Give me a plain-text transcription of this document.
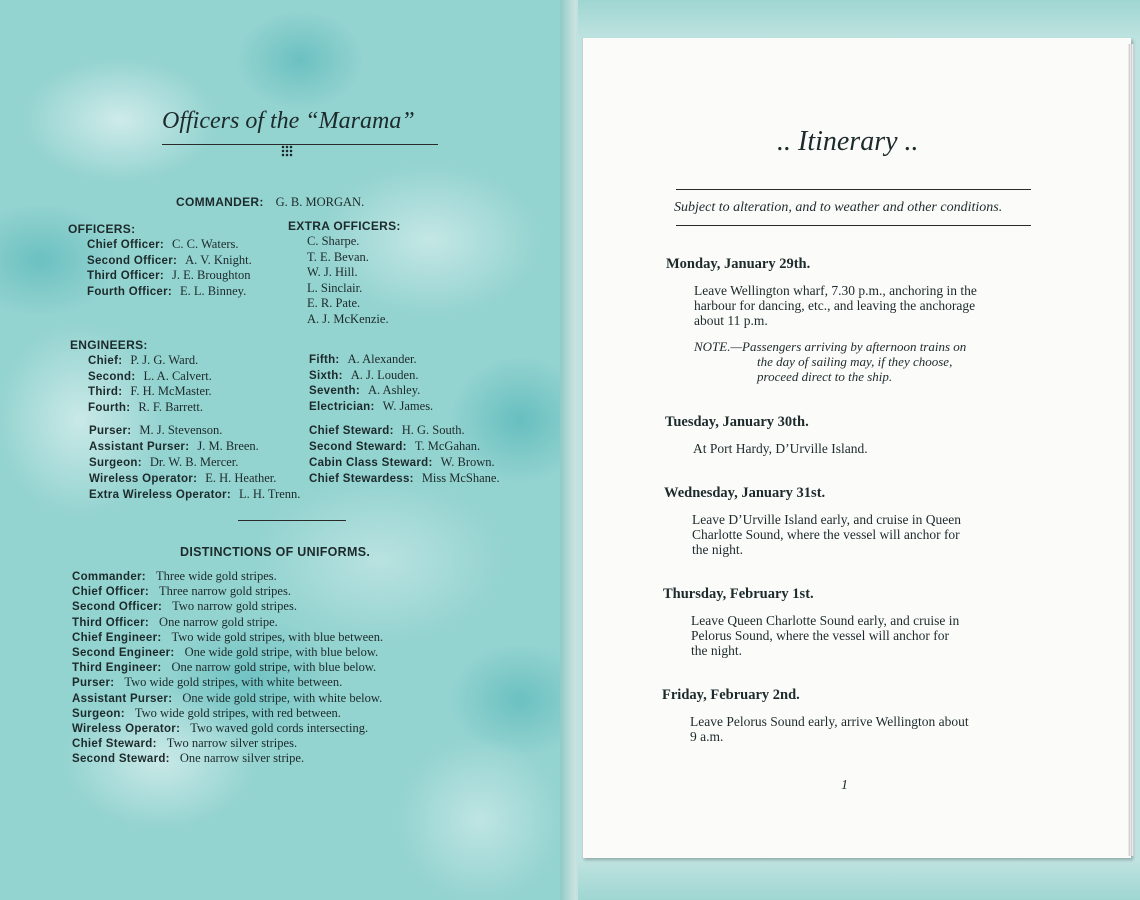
Officers of the “Marama”
COMMANDER: G. B. MORGAN.
OFFICERS:	EXTRA OFFICERS:
Chief Officer: C. C. Waters.
Second Officer: A. V. Knight.
Third Officer: J. E. Broughton
Fourth Officer: E. L. Binney.
C. Sharpe.
T. E. Bevan.
W. J. Hill.
L. Sinclair.
E. R. Pate.
A. J. McKenzie.
ENGINEERS:
Chief: P. J. G. Ward.
Second: L. A. Calvert.
Third: F. H. McMaster.
Fourth: R. F. Barrett.
Fifth: A. Alexander.
Sixth: A. J. Louden.
Seventh: A. Ashley.
Electrician: W. James.
Purser: M. J. Stevenson.
Assistant Purser: J. M. Breen.
Surgeon: Dr. W. B. Mercer.
Wireless Operator: E. H. Heather.
Extra Wireless Operator: L. H. Trenn.
Chief Steward: H. G. South.
Second Steward: T. McGahan.
Cabin Class Steward: W. Brown.
Chief Stewardess: Miss McShane.
DISTINCTIONS OF UNIFORMS.
Commander: Three wide gold stripes.
Chief Officer: Three narrow gold stripes.
Second Officer: Two narrow gold stripes.
Third Officer: One narrow gold stripe.
Chief Engineer: Two wide gold stripes, with blue between.
Second Engineer: One wide gold stripe, with blue below.
Third Engineer: One narrow gold stripe, with blue below.
Purser: Two wide gold stripes, with white between.
Assistant Purser: One wide gold stripe, with white below.
Surgeon: Two wide gold stripes, with red between.
Wireless Operator: Two waved gold cords intersecting.
Chief Steward: Two narrow silver stripes.
Second Steward: One narrow silver stripe.
.. Itinerary ..
Subject to alteration, and to weather and other conditions.
Monday, January 29th.
Leave Wellington wharf, 7.30 p.m., anchoring in the
harbour for dancing, etc., and leaving the anchorage
about 11 p.m.
NOTE.—Passengers arriving by afternoon trains on
the day of sailing may, if they choose,
proceed direct to the ship.
Tuesday, January 30th.
At Port Hardy, D’Urville Island.
Wednesday, January 31st.
Leave D’Urville Island early, and cruise in Queen
Charlotte Sound, where the vessel will anchor for
the night.
Thursday, February 1st.
Leave Queen Charlotte Sound early, and cruise in
Pelorus Sound, where the vessel will anchor for
the night.
Friday, February 2nd.
Leave Pelorus Sound early, arrive Wellington about
9 a.m.
1
